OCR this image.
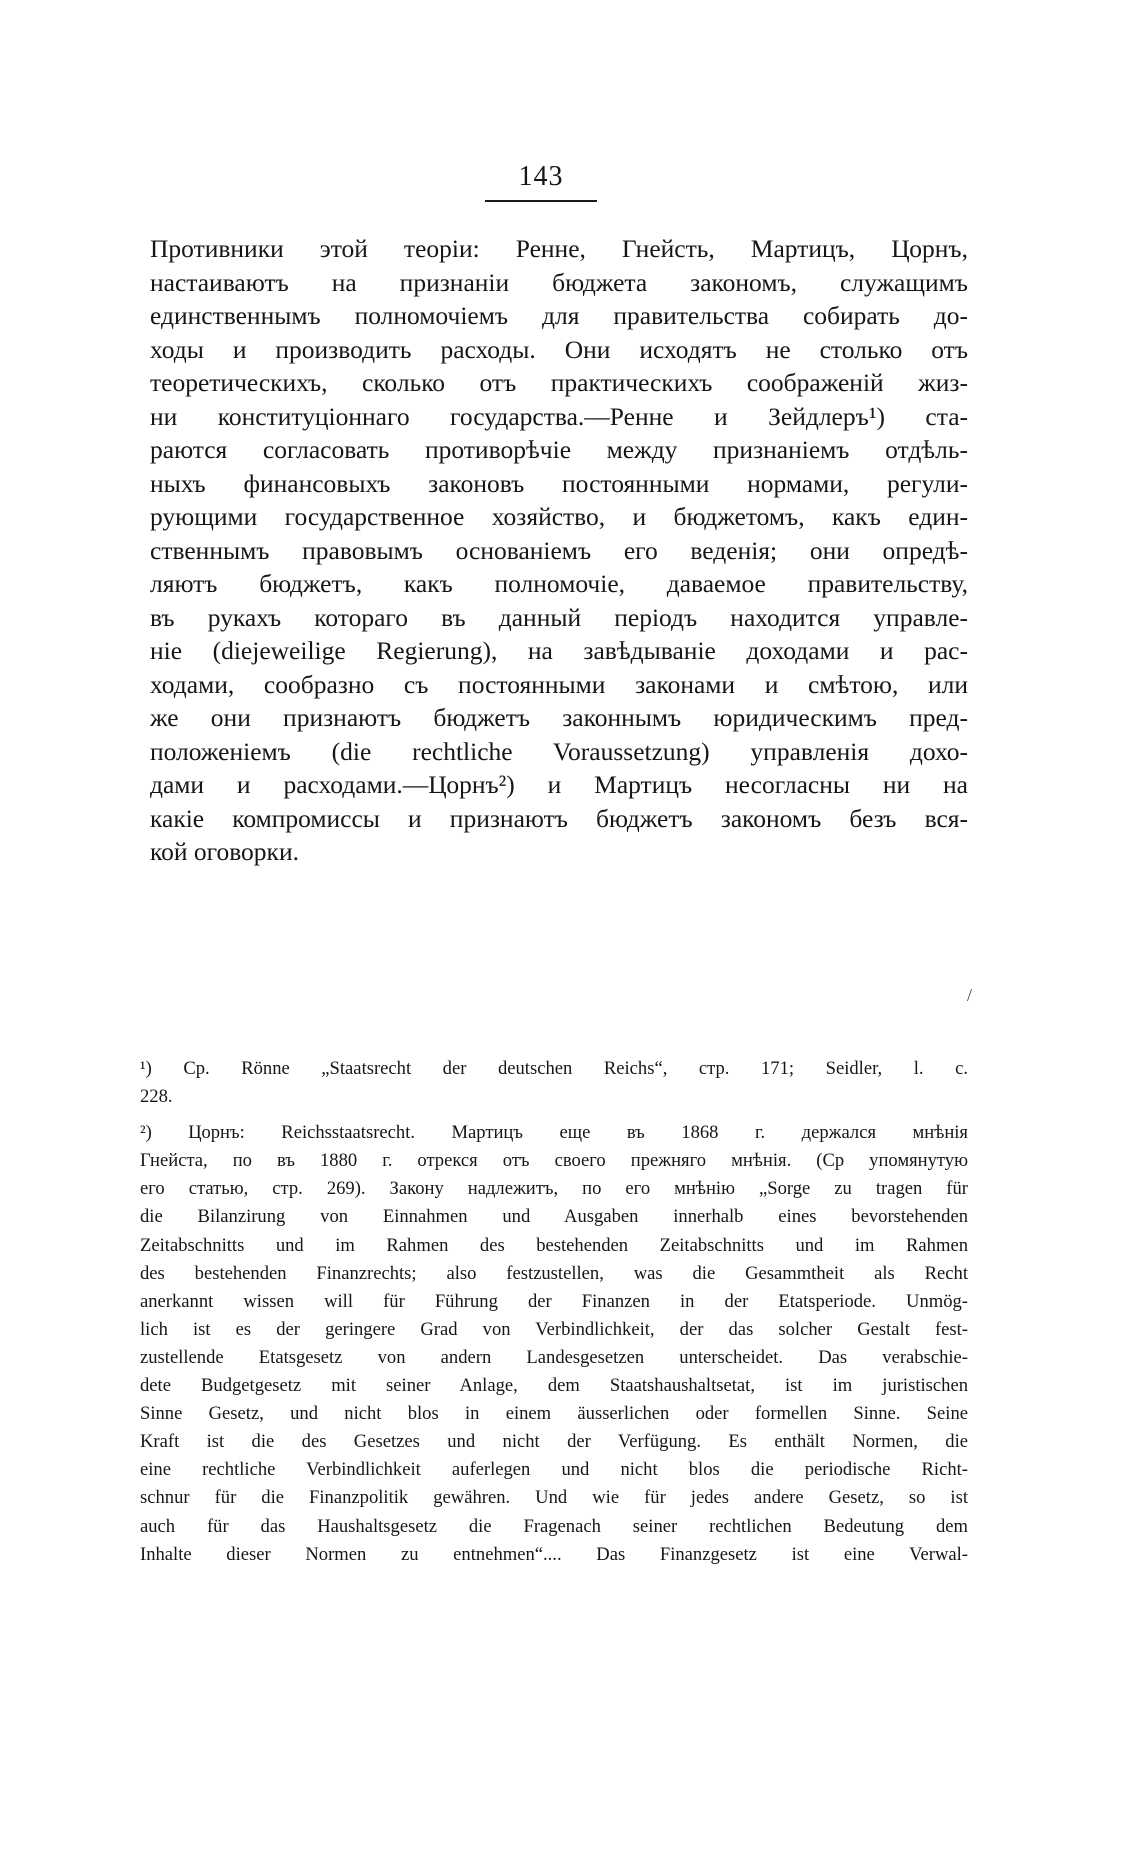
143
Противники этой теоріи: Ренне, Гнейсть, Мартицъ, Цорнъ,
настаиваютъ на признаніи бюджета закономъ, служащимъ
единственнымъ полномочіемъ для правительства собирать до-
ходы и производить расходы. Они исходятъ не столько отъ
теоретическихъ, сколько отъ практическихъ соображеній жиз-
ни конституціоннаго государства.—Ренне и Зейдлеръ¹) ста-
раются согласовать противорѣчіе между признаніемъ отдѣль-
ныхъ финансовыхъ законовъ постоянными нормами, регули-
рующими государственное хозяйство, и бюджетомъ, какъ един-
ственнымъ правовымъ основаніемъ его веденія; они опредѣ-
ляютъ бюджетъ, какъ полномочіе, даваемое правительству,
въ рукахъ котораго въ данный періодъ находится управле-
ніе (diejeweilige Regierung), на завѣдываніе доходами и рас-
ходами, сообразно съ постоянными законами и смѣтою, или
же они признаютъ бюджетъ законнымъ юридическимъ пред-
положеніемъ (die rechtliche Voraussetzung) управленія дохо-
дами и расходами.—Цорнъ²) и Мартицъ несогласны ни на
какіе компромиссы и признаютъ бюджетъ закономъ безъ вся-
кой оговорки.
/
¹) Ср. Rönne „Staatsrecht der deutschen Reichs“, стр. 171; Seidler, l. c.
228.
²) Цорнъ: Reichsstaatsrecht. Мартицъ еще въ 1868 г. держался мнѣнія
Гнейста, по въ 1880 г. отрекся отъ своего прежняго мнѣнія. (Ср упомянутую
его статью, стр. 269). Закону надлежитъ, по его мнѣнію „Sorge zu tragen für
die Bilanzirung von Einnahmen und Ausgaben innerhalb eines bevorstehenden
Zeitabschnitts und im Rahmen des bestehenden Zeitabschnitts und im Rahmen
des bestehenden Finanzrechts; also festzustellen, was die Gesammtheit als Recht
anerkannt wissen will für Führung der Finanzen in der Etatsperiode. Unmög-
lich ist es der geringere Grad von Verbindlichkeit, der das solcher Gestalt fest-
zustellende Etatsgesetz von andern Landesgesetzen unterscheidet. Das verabschie-
dete Budgetgesetz mit seiner Anlage, dem Staatshaushaltsetat, ist im juristischen
Sinne Gesetz, und nicht blos in einem äusserlichen oder formellen Sinne. Seine
Kraft ist die des Gesetzes und nicht der Verfügung. Es enthält Normen, die
eine rechtliche Verbindlichkeit auferlegen und nicht blos die periodische Richt-
schnur für die Finanzpolitik gewähren. Und wie für jedes andere Gesetz, so ist
auch für das Haushaltsgesetz die Fragenach seiner rechtlichen Bedeutung dem
Inhalte dieser Normen zu entnehmen“.... Das Finanzgesetz ist eine Verwal-
